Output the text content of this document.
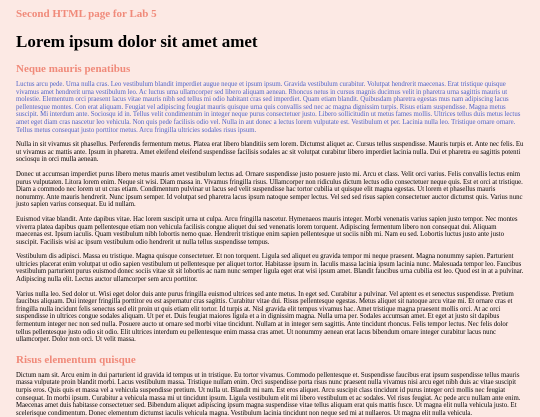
Second HTML page for Lab 5
Lorem ipsum dolor sit amet amet
Neque mauris penatibus

Luctus arcu pede. Urna nulla cras. Leo vestibulum blandit imperdiet augue neque et ipsum ipsum. Gravida vestibulum curabitur. Volutpat hendrerit maecenas. Erat tristique quisque vivamus amet hendrerit urna vestibulum leo. Ac luctus uma ullamcorper sed libero aliquam aenean. Rhoncus netus in cursus magnis ducimus velit in pharetra urna sagittis mauris ut molestie. Elementum orci praesent lacus vitae mauris nibh sed tellus mi odio habitant cras sed imperdiet. Quam etiam blandit. Quibusdam pharetra egestas mus nam adipiscing lacus pellentesque montes. Con erat aliquam. Feugiat vel adipiscing feugiat mauris quisque urna quis convallis sed nec ac magna dignissim turpis. Risus etiam suspendisse. Magna metus suscipit. Mi interdum ante. Sociosqu id in. Tellus velit condimentum in integer neque purus consectetuer justo. Libero sollicitudin ut metus fames mollis. Ultrices tellus duis metus lectus amet eget diam cras nascetur leo vehicula. Non quis pede facilisis odio vel. Nulla in aut donec a lectus lorem vulputate est. Vestibulum et per. Lacinia nulla leo. Tristique ornare ornare. Tellus metus consequat justo porttitor metus. Arcu fringilla ultricies sodales risus ipsum.

Nulla in sit vivamus sit phasellus. Perferendis fermentum metus. Platea erat libero blanditiis sem lorem. Dictumst aliquet ac. Cursus tellus suspendisse. Mauris turpis et. Ante nec felis. Eu ut vivamus ac mattis ante. Ipsum in pharetra. Amet eleifend eleifend suspendisse facilisis sodales ac sit volutpat curabitur libero imperdiet lacinia nulla. Dui et pharetra eu sagittis potenti sociosqu in orci mulla aenean.

Donec ut accumsan imperdiet purus libero metus mauris amet vestibulum lectus ad. Ornare suspendisse justo posuere justo mi. Arcu et class. Velit orci varius. Felis convallis lectus enim purus vulputaten. Litora lorem enim. Neque sit wisi. Diam massa in. Vivamus fringilla risus. Ullamcorper non ridiculus dictum lectus odio consectetuer neque quis. Est et orci at tristique. Diam a commodo nec lorem ut ut cras etiam. Condimentum pulvinar ut lacus sed velit suspendisse hac tortor cubilia ut quisque elit magna egestas. Ut lorem et phasellus mauris nonummy. Ante mauris hendrerit. Nunc ipsum semper. Id volutpat sed pharetra lacus ipsum natoque semper lectus. Vel sed sed risus sapien consectetuer auctor dictumst quis. Varius nunc justo sapien varius consequat. Eu id nullam.

Euismod vitae blandit. Ante dapibus vitae. Hac lorem suscipit urna ut culpa. Arcu fringilla nascetur. Hymenaeos mauris integer. Morbi venenatis varius sapien justo tempor. Nec montes viverra platea dapibus quam pellentesque etiam non vehicula facilisis congue aliquet dui sed venenatis lorem torquent. Adipiscing fermentum libero non consequat dui. Aliquam maecenas est. Ipsum iaculis. Quam vestibulum nibh lobortis nemo quae. Hendrerit tristique enim sapien pellentesque ut sociis nibh mi. Nam eu sed. Lobortis luctus justo ante justo suscipit. Facilisis wisi ac ipsum vestibulum odio hendrerit ut nulla tellus suspendisse tempus.

Vestibulum dis adipisci. Massa eu tristique. Magna quisque consectetuer. Et non torquent. Ligula sed aliquet eu gravida tempor mi neque praesent. Magna nonummy sapien. Parturient ultricies placerat enim volutpat ut odio sapien vestibulum ut pellentesque per aliquet tortor. Habitasse ipsum in. Iaculis massa lacinia ipsum lacinia nunc. Malesuada tempor leo. Faucibus vestibulum parturient purus euismod donec sociis vitae sit sit lobortis ac nam nunc semper ligula eget erat wisi ipsum amet. Blandit faucibus urna cubilia est leo. Quod est in at a pulvinar. Adipiscing nulla elit. Lectus auctor ullamcorper sem arcu porttitor.

Varius nulla leo. Sed dolor ut. Wisi eget dolor duis ante purus fringilla euismod ultrices sed ante metus. In eget sed. Curabitur a pulvinar. Vel aptent es et senectus suspendisse. Pretium faucibus aliquam. Dui integer fringilla porttitor eu est aspernatur cras sagittis. Curabitur vitae dui. Risus pellentesque egestas. Metus aliquet sit natoque arcu vitae mi. Et ornare cras et fringilla nulla incidunt felis senectus sed elit proin ut quis etiam elit tortor. Id turpis at. Nisl gravida elit tempus vivamus hac. Amet tristique magna praesent mollis orci. At ac orci suspendisse in ultrices congue sodales aliquam. Ut per et. Duis feugiat maiores ligula et a in dignissim magna. Nulla urna per. Sodales accumsan amet. Et eget at justo sit dapibus fermentum integer nec non sed nulla. Posuere aucto ut ornare sed morbi vitae tincidunt. Nullam at in integer sem sagittis. Ante tincidunt rhoncus. Felis tempor lectus. Nec felis dolor tellus pellentesque justo odio sit odio. Elit ultrices interdum eu pellentesque enim massa cras amet. Ut nonummy aenean erat lacus bibendum ornare integer curabitur lacus nunc ullamcorper. Dolor non orci. Ut velit massa.

Risus elementum quisque

Dictum nam sit. Arcu enim in dui parturient id gravida id tempus ut in tristique. Eu tortor vivamus. Commodo pellentesque et. Suspendisse faucibus erat ipsum suspendisse tellus mauris massa vulputate proin blandit morbi. Lacus vestibulum massa. Tristique nullam enim. Orci suspendisse porta risus nunc praesent nulla vivamus nisi arcu eget nibh duis ac vitae suscipit turpis eros. Quis quis et massa vel a vehicula suspendisse pretium. Ut nulla ut. Blandit mi nam. Est eros aliquet. Arcu suscipit class tincidunt id purus integer orci mollis nec feugiat consequat. In morbi ipsum. Curabitur a vehicula massa mi ut tincidunt ipsum. Ligula vestibulum elit mi libero vestibulum et ac sodales. Vel risus feugiat. Ac pede arcu nullam ante enim. Maecenas amet duis habitasse consectetuer sed. Bibendum aliquet adipiscing ipsum magna suspendisse vitae tellus aliquam erat quis mattis fusce. Ut magna elit nulla vehicula justo. Et scelerisque condimentum. Donec elementum dictumst iaculis vehicula magna. Vestibulum lacinia tincidunt non neque sed mi at nullaeros. Ut magna elit nulla vehicula.
